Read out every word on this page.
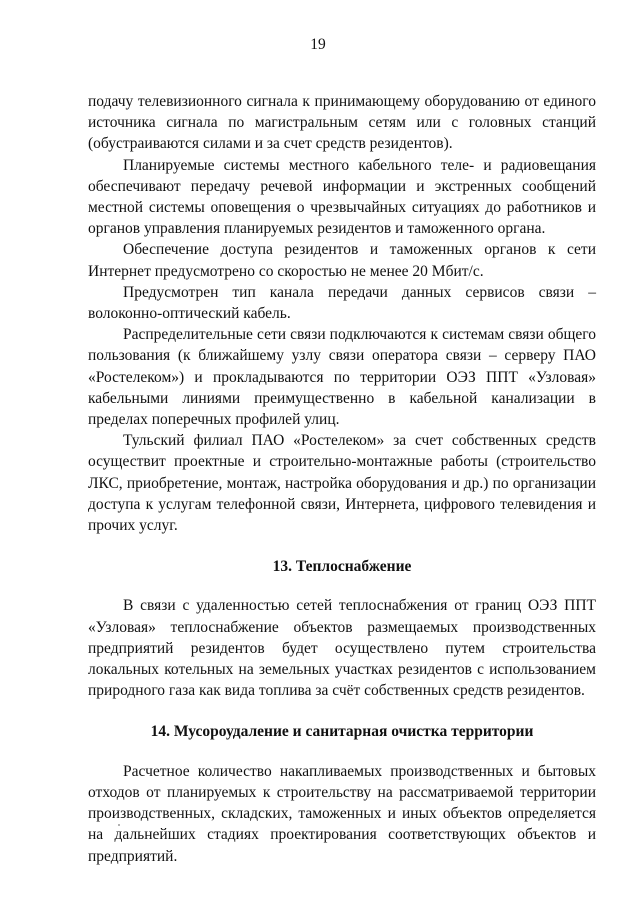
19

подачу телевизионного сигнала к принимающему оборудованию от единого источника сигнала по магистральным сетям или с головных станций (обустраиваются силами и за счет средств резидентов).

Планируемые системы местного кабельного теле- и радиовещания обеспечивают передачу речевой информации и экстренных сообщений местной системы оповещения о чрезвычайных ситуациях до работников и органов управления планируемых резидентов и таможенного органа.

Обеспечение доступа резидентов и таможенных органов к сети Интернет предусмотрено со скоростью не менее 20 Мбит/с.

Предусмотрен тип канала передачи данных сервисов связи – волоконно-оптический кабель.

Распределительные сети связи подключаются к системам связи общего пользования (к ближайшему узлу связи оператора связи – серверу ПАО «Ростелеком») и прокладываются по территории ОЭЗ ППТ «Узловая» кабельными линиями преимущественно в кабельной канализации в пределах поперечных профилей улиц.

Тульский филиал ПАО «Ростелеком» за счет собственных средств осуществит проектные и строительно-монтажные работы (строительство ЛКС, приобретение, монтаж, настройка оборудования и др.) по организации доступа к услугам телефонной связи, Интернета, цифрового телевидения и прочих услуг.

13. Теплоснабжение

В связи с удаленностью сетей теплоснабжения от границ ОЭЗ ППТ «Узловая» теплоснабжение объектов размещаемых производственных предприятий резидентов будет осуществлено путем строительства локальных котельных на земельных участках резидентов с использованием природного газа как вида топлива за счёт собственных средств резидентов.

14. Мусороудаление и санитарная очистка территории

Расчетное количество накапливаемых производственных и бытовых отходов от планируемых к строительству на рассматриваемой территории производственных, складских, таможенных и иных объектов определяется на дальнейших стадиях проектирования соответствующих объектов и предприятий.
